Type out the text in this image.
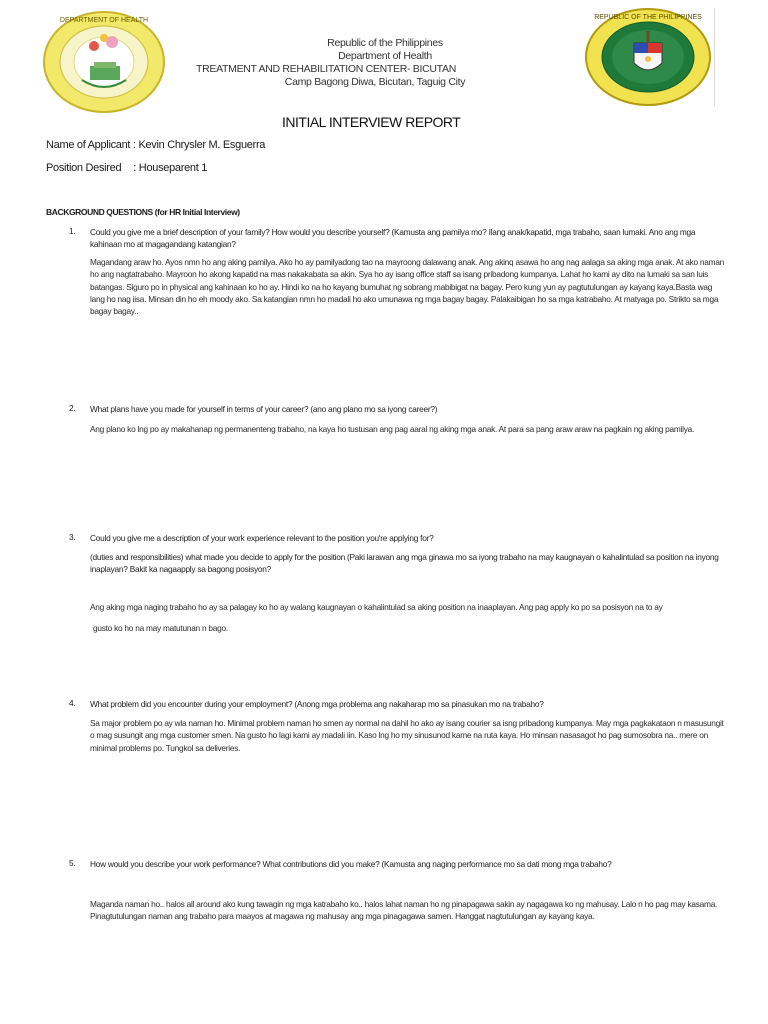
DEPARTMENT OF HEALTH
Republic of the Philippines
Department of Health
TREATMENT AND REHABILITATION CENTER- BICUTAN
Camp Bagong Diwa, Bicutan, Taguig City
REPUBLIC OF THE PHILIPPINES
INITIAL INTERVIEW REPORT
Name of Applicant : Kevin Chrysler M. Esguerra
Position Desired : Houseparent 1
BACKGROUND QUESTIONS (for HR Initial Interview)
1. Could you give me a brief description of your family? How would you describe yourself? (Kamusta ang pamilya mo? Ilang anak/kapatid, mga trabaho, saan lumaki. Ano ang mga kahinaan mo at magagandang katangian?
Magandang araw ho. Ayos nmn ho ang aking pamilya. Ako ho ay pamilyadong tao na mayroong dalawang anak. Ang akinq asawa ho ang nag aalaga sa aking mga anak. At ako naman ho ang nagtatrabaho. Mayroon ho akong kapatid na mas nakakabata sa akin. Sya ho ay isang office staff sa isang pribadong kumpanya. Lahat ho kami ay dito na lumaki sa san luis batangas. Siguro po in physical ang kahinaan ko ho ay. Hindi ko na ho kayang bumuhat ng sobrang mabibigat na bagay. Pero kung yun ay pagtutulungan ay kayang kaya.Basta wag lang ho nag iisa. Minsan din ho eh moody ako. Sa katangian nmn ho madali ho ako umunawa ng mga bagay bagay. Palakaibigan ho sa mga katrabaho. At matyaga po. Strikto sa mga bagay bagay..
2. What plans have you made for yourself in terms of your career? (ano ang plano mo sa iyong career?)
Ang plano ko lng po ay makahanap ng permanenteng trabaho, na kaya ho tustusan ang pag aaral ng aking mga anak. At para sa pang araw araw na pagkain ng aking pamilya.
3. Could you give me a description of your work experience relevant to the position you're applying for?
(duties and responsibilities) what made you decide to apply for the position (Paki larawan ang mga ginawa mo sa iyong trabaho na may kaugnayan o kahalintulad sa position na inyong inaplayan? Bakit ka nagaapply sa bagong posisyon?
Ang aking mga naging trabaho ho ay sa palagay ko ho ay walang kaugnayan o kahalintulad sa aking position na inaaplayan. Ang pag apply ko po sa posisyon na to ay
gusto ko ho na may matutunan n bago.
4. What problem did you encounter during your employment? (Anong mga problema ang nakaharap mo sa pinasukan mo na trabaho?
Sa major problem po ay wla naman ho. Minimal problem naman ho smen ay normal na dahil ho ako ay isang courier sa isng pribadong kumpanya. May mga pagkakataon n masusungit o mag susungit ang mga customer smen. Na gusto ho lagi kami ay madali iin. Kaso lng ho my sinusunod kame na ruta kaya. Ho minsan nasasagot ho pag sumosobra na.. mere on minimal problems po. Tungkol sa deliveries.
5. How would you describe your work performance? What contributions did you make? (Kamusta ang naging performance mo sa dati mong mga trabaho?
Maganda naman ho.. halos all around ako kung tawagin ng mga katrabaho ko.. halos lahat naman ho ng pinapagawa sakin ay nagagawa ko ng mahusay. Lalo n ho pag may kasama. Pinagtutulungan naman ang trabaho para maayos at magawa ng mahusay ang mga pinagagawa samen. Hanggat nagtutulungan ay kayang kaya.
